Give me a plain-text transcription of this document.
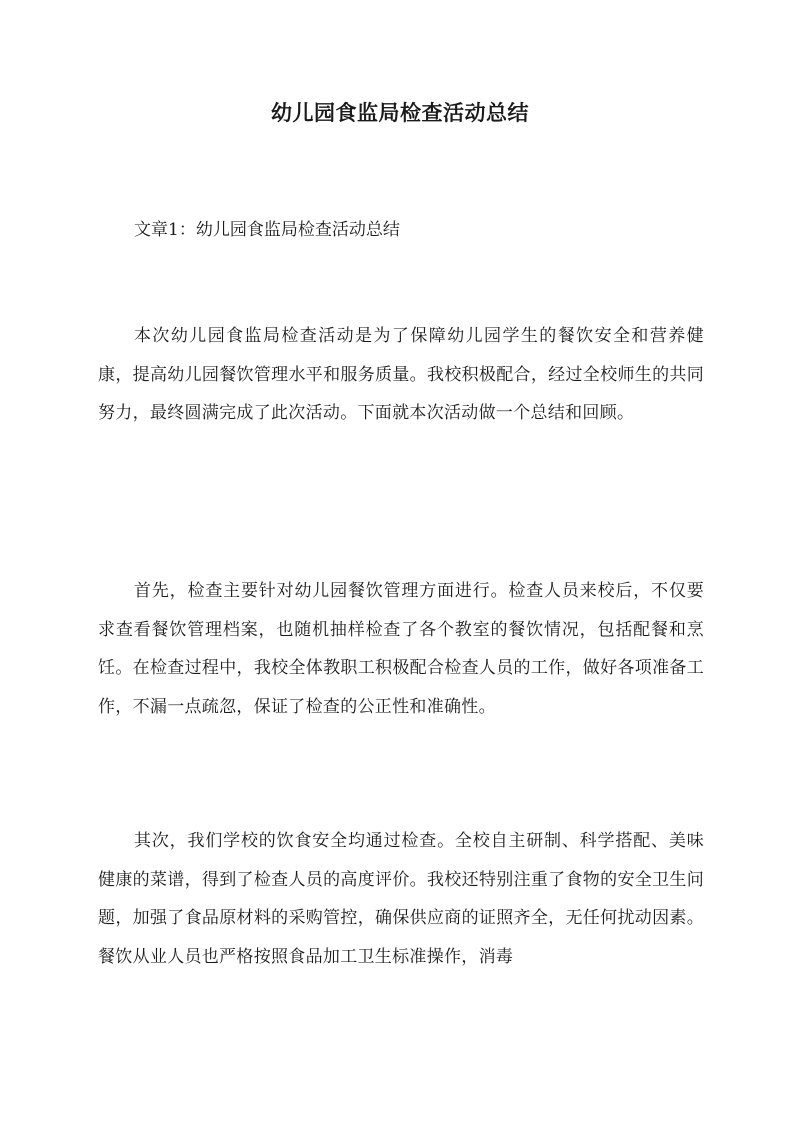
幼儿园食监局检查活动总结

文章1：幼儿园食监局检查活动总结

本次幼儿园食监局检查活动是为了保障幼儿园学生的餐饮安全和营养健康，提高幼儿园餐饮管理水平和服务质量。我校积极配合，经过全校师生的共同努力，最终圆满完成了此次活动。下面就本次活动做一个总结和回顾。

首先，检查主要针对幼儿园餐饮管理方面进行。检查人员来校后，不仅要求查看餐饮管理档案，也随机抽样检查了各个教室的餐饮情况，包括配餐和烹饪。在检查过程中，我校全体教职工积极配合检查人员的工作，做好各项准备工作，不漏一点疏忽，保证了检查的公正性和准确性。

其次，我们学校的饮食安全均通过检查。全校自主研制、科学搭配、美味健康的菜谱，得到了检查人员的高度评价。我校还特别注重了食物的安全卫生问题，加强了食品原材料的采购管控，确保供应商的证照齐全，无任何扰动因素。餐饮从业人员也严格按照食品加工卫生标准操作，消毒
